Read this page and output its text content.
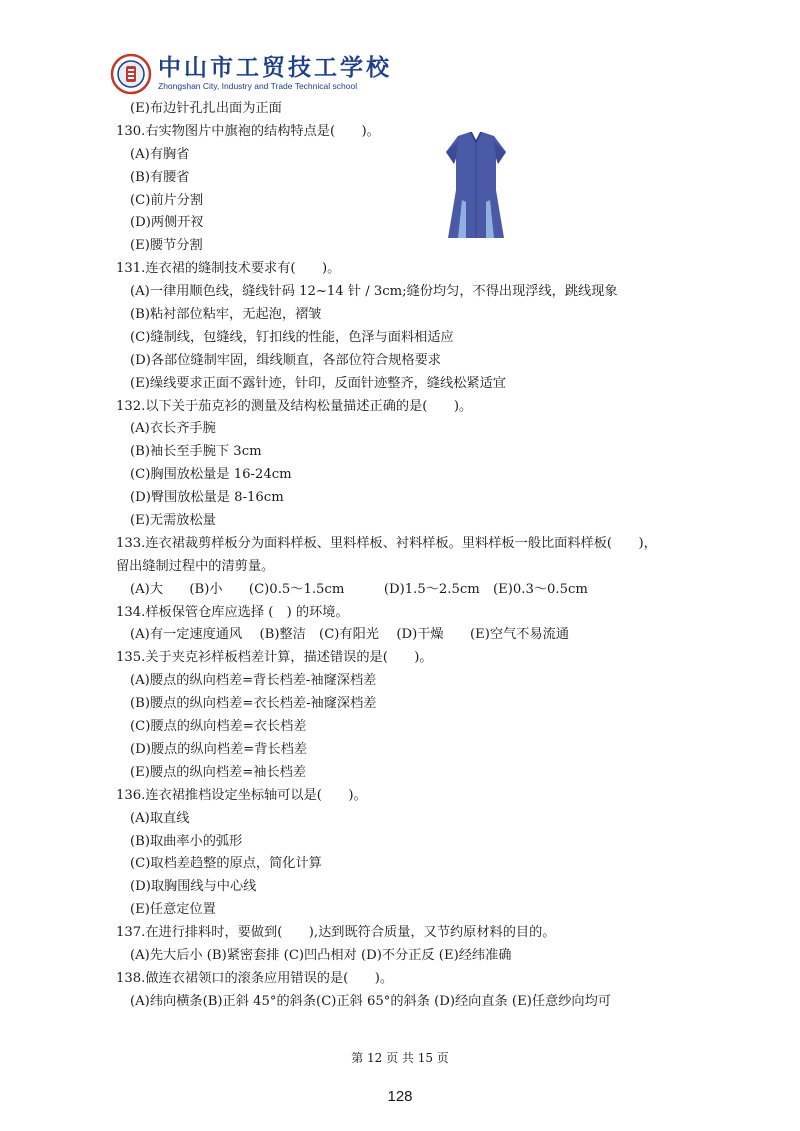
中山市工贸技工学校
Zhongshan City, Industry and Trade Technical school
(E)布边针孔扎出面为正面
130.右实物图片中旗袍的结构特点是(　　)。
(A)有胸省
(B)有腰省
(C)前片分割
(D)两侧开衩
(E)腰节分割
131.连衣裙的缝制技术要求有(　　)。
(A)一律用顺色线，缝线针码 12~14 针 / 3cm;缝份均匀，不得出现浮线，跳线现象
(B)粘衬部位粘牢，无起泡，褶皱
(C)缝制线，包缝线，钉扣线的性能，色泽与面料相适应
(D)各部位缝制牢固，缉线顺直，各部位符合规格要求
(E)缲线要求正面不露针迹，针印，反面针迹整齐，缝线松紧适宜
132.以下关于茄克衫的测量及结构松量描述正确的是(　　)。
(A)衣长齐手腕
(B)袖长至手腕下 3cm
(C)胸围放松量是 16-24cm
(D)臀围放松量是 8-16cm
(E)无需放松量
133.连衣裙裁剪样板分为面料样板、里料样板、衬料样板。里料样板一般比面料样板(　　)，
留出缝制过程中的清剪量。
(A)大　　(B)小　　(C)0.5～1.5cm　　　(D)1.5～2.5cm　(E)0.3～0.5cm
134.样板保管仓库应选择 (　) 的环境。
(A)有一定速度通风　 (B)整洁　(C)有阳光　 (D)干燥　　(E)空气不易流通
135.关于夹克衫样板档差计算，描述错误的是(　　)。
(A)腰点的纵向档差=背长档差-袖窿深档差
(B)腰点的纵向档差=衣长档差-袖窿深档差
(C)腰点的纵向档差=衣长档差
(D)腰点的纵向档差=背长档差
(E)腰点的纵向档差=袖长档差
136.连衣裙推档设定坐标轴可以是(　　)。
(A)取直线
(B)取曲率小的弧形
(C)取档差趋整的原点，简化计算
(D)取胸围线与中心线
(E)任意定位置
137.在进行排料时，要做到(　　),达到既符合质量，又节约原材料的目的。
(A)先大后小 (B)紧密套排 (C)凹凸相对 (D)不分正反 (E)经纬准确
138.做连衣裙领口的滚条应用错误的是(　　)。
(A)纬向横条(B)正斜 45°的斜条(C)正斜 65°的斜条 (D)经向直条 (E)任意纱向均可
第 12 页 共 15 页
128
